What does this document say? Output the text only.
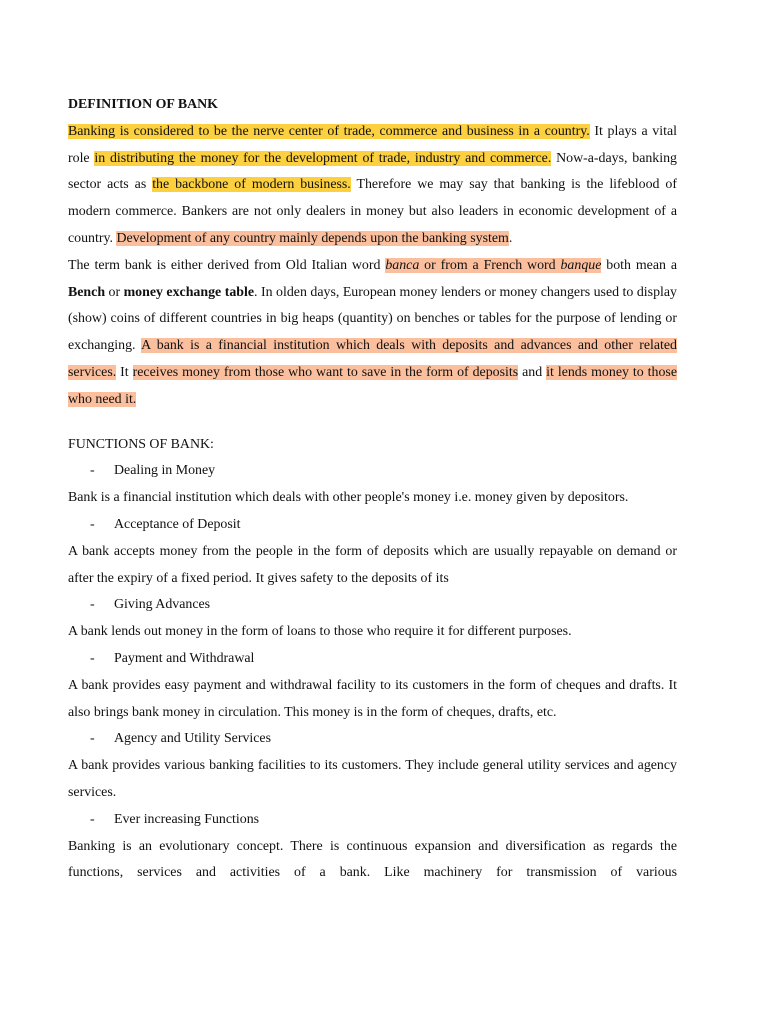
DEFINITION OF BANK

Banking is considered to be the nerve center of trade, commerce and business in a country. It plays a vital role in distributing the money for the development of trade, industry and commerce. Now-a-days, banking sector acts as the backbone of modern business. Therefore we may say that banking is the lifeblood of modern commerce. Bankers are not only dealers in money but also leaders in economic development of a country. Development of any country mainly depends upon the banking system.

The term bank is either derived from Old Italian word banca or from a French word banque both mean a Bench or money exchange table. In olden days, European money lenders or money changers used to display (show) coins of different countries in big heaps (quantity) on benches or tables for the purpose of lending or exchanging. A bank is a financial institution which deals with deposits and advances and other related services. It receives money from those who want to save in the form of deposits and it lends money to those who need it.

FUNCTIONS OF BANK:

- Dealing in Money

Bank is a financial institution which deals with other people's money i.e. money given by depositors.

- Acceptance of Deposit

A bank accepts money from the people in the form of deposits which are usually repayable on demand or after the expiry of a fixed period. It gives safety to the deposits of its

- Giving Advances

A bank lends out money in the form of loans to those who require it for different purposes.

- Payment and Withdrawal

A bank provides easy payment and withdrawal facility to its customers in the form of cheques and drafts. It also brings bank money in circulation. This money is in the form of cheques, drafts, etc.

- Agency and Utility Services

A bank provides various banking facilities to its customers. They include general utility services and agency services.

- Ever increasing Functions

Banking is an evolutionary concept. There is continuous expansion and diversification as regards the functions, services and activities of a bank. Like machinery for transmission of various
